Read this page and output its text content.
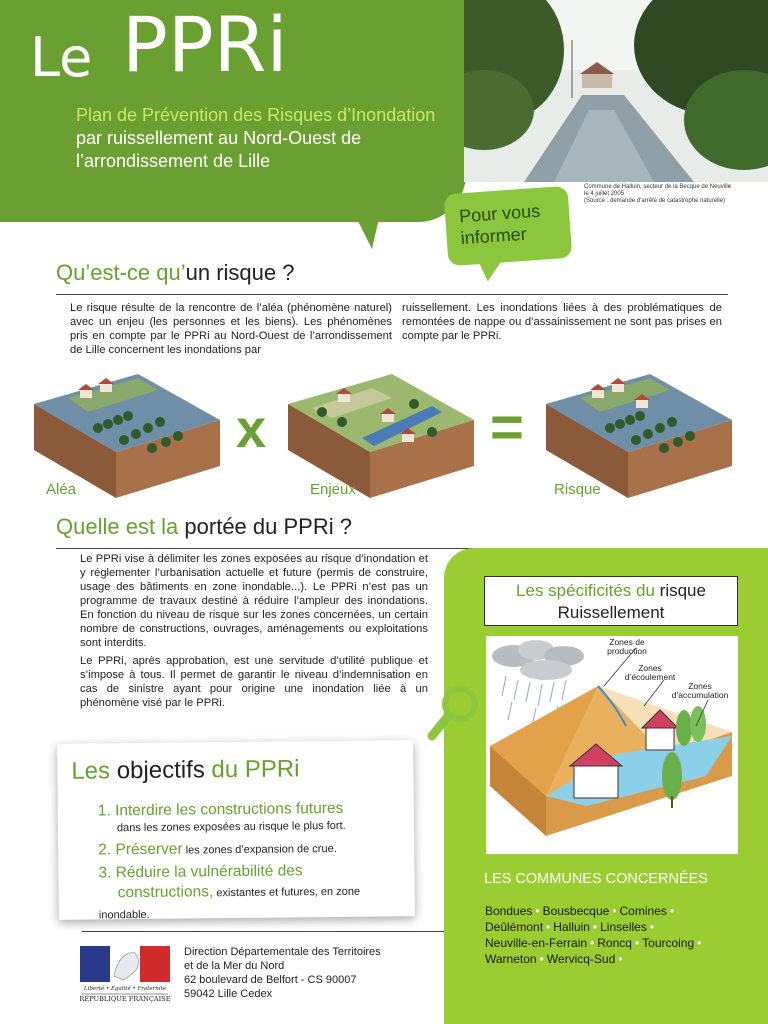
Le PPRi
Plan de Prévention des Risques d’Inondation par ruissellement au Nord-Ouest de l’arrondissement de Lille
Commune de Halluin, secteur de la Becque de Neuville
le 4 juillet 2005
(Source : demande d’arrêté de catastrophe naturelle)
Pour vous
informer
Qu’est-ce qu’un risque ?
Le risque résulte de la rencontre de l’aléa (phénomène naturel) avec un enjeu (les personnes et les biens). Les phénomènes pris en compte par le PPRi au Nord-Ouest de l’arrondissement de Lille concernent les inondations par
ruissellement. Les inondations liées à des problématiques de remontées de nappe ou d’assainissement ne sont pas prises en compte par le PPRi.
Aléa
x
Enjeux
=
Risque
Quelle est la portée du PPRi ?
Le PPRi vise à délimiter les zones exposées au risque d’inondation et y réglementer l’urbanisation actuelle et future (permis de construire, usage des bâtiments en zone inondable...). Le PPRi n’est pas un programme de travaux destiné à réduire l’ampleur des inondations. En fonction du niveau de risque sur les zones concernées, un certain nombre de constructions, ouvrages, aménagements ou exploitations sont interdits.
Le PPRi, après approbation, est une servitude d’utilité publique et s’impose à tous. Il permet de garantir le niveau d’indemnisation en cas de sinistre ayant pour origine une inondation liée à un phénomène visé par le PPRi.
Les spécificités du risque
Ruissellement
Zones de production
Zones d’écoulement
Zones d’accumulation
LES COMMUNES CONCERNÉES
Bondues • Bousbecque • Comines •
Deûlémont • Halluin • Linselles •
Neuville-en-Ferrain • Roncq • Tourcoing •
Warneton • Wervicq-Sud •
Les objectifs du PPRi
1. Interdire les constructions futures
dans les zones exposées au risque le plus fort.
2. Préserver les zones d’expansion de crue.
3. Réduire la vulnérabilité des
constructions, existantes et futures, en zone inondable.
Liberté • Égalité • Fraternité
RÉPUBLIQUE FRANÇAISE
Direction Départementale des Territoires
et de la Mer du Nord
62 boulevard de Belfort - CS 90007
59042 Lille Cedex
